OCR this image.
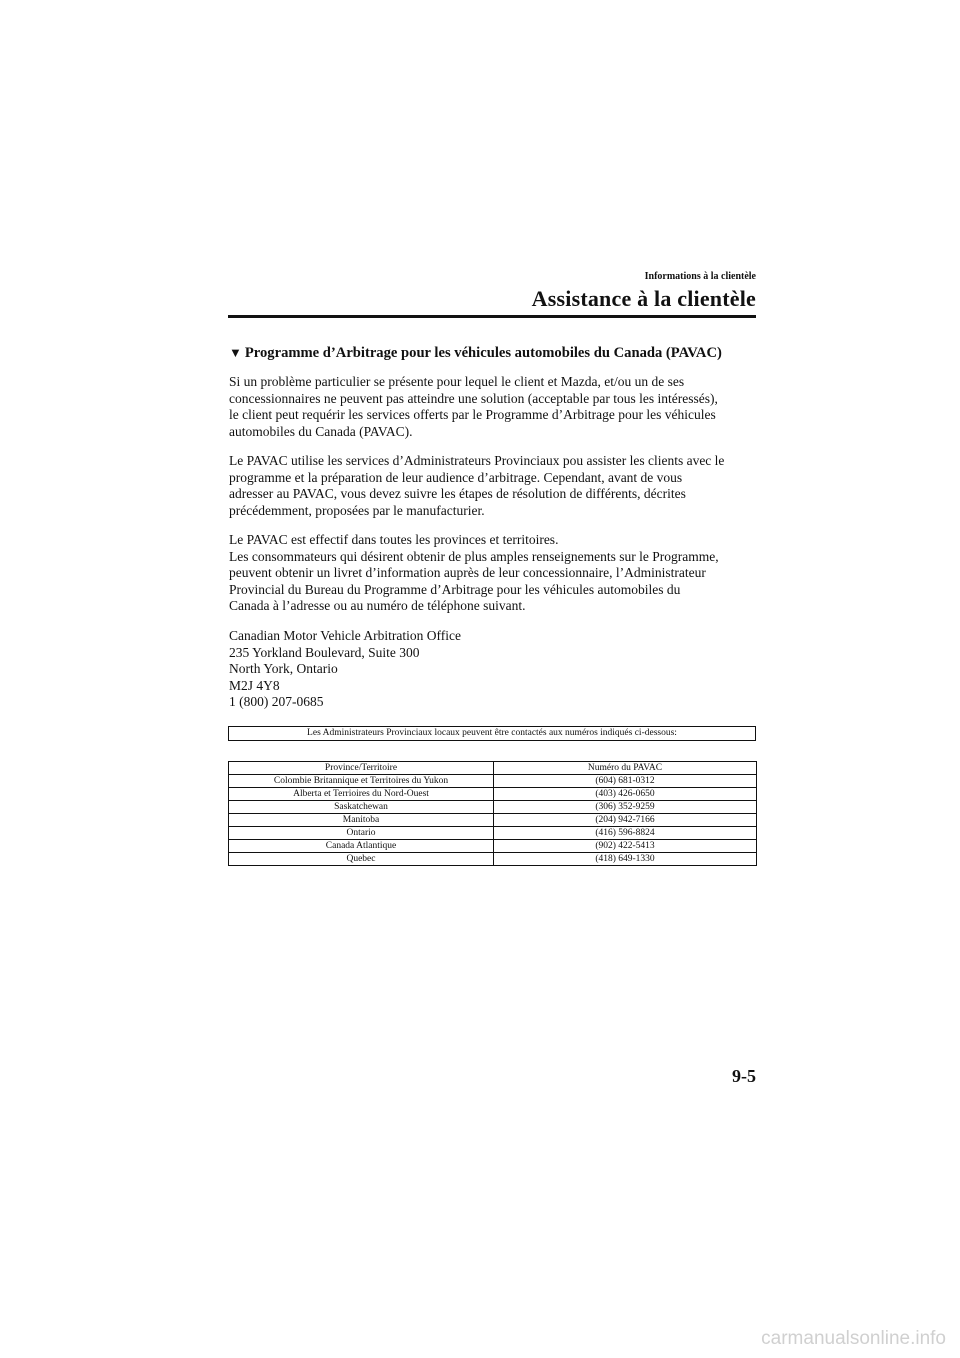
Informations à la clientèle
Assistance à la clientèle
▼ Programme d’Arbitrage pour les véhicules automobiles du Canada (PAVAC)

Si un problème particulier se présente pour lequel le client et Mazda, et/ou un de ses
concessionnaires ne peuvent pas atteindre une solution (acceptable par tous les intéressés),
le client peut requérir les services offerts par le Programme d’Arbitrage pour les véhicules
automobiles du Canada (PAVAC).

Le PAVAC utilise les services d’Administrateurs Provinciaux pou assister les clients avec le
programme et la préparation de leur audience d’arbitrage. Cependant, avant de vous
adresser au PAVAC, vous devez suivre les étapes de résolution de différents, décrites
précédemment, proposées par le manufacturier.

Le PAVAC est effectif dans toutes les provinces et territoires.
Les consommateurs qui désirent obtenir de plus amples renseignements sur le Programme,
peuvent obtenir un livret d’information auprès de leur concessionnaire, l’Administrateur
Provincial du Bureau du Programme d’Arbitrage pour les véhicules automobiles du
Canada à l’adresse ou au numéro de téléphone suivant.

Canadian Motor Vehicle Arbitration Office
235 Yorkland Boulevard, Suite 300
North York, Ontario
M2J 4Y8
1 (800) 207-0685

Les Administrateurs Provinciaux locaux peuvent être contactés aux numéros indiqués ci-dessous:
Province/Territoire	Numéro du PAVAC
Colombie Britannique et Territoires du Yukon	(604) 681-0312
Alberta et Terrioires du Nord-Ouest	(403) 426-0650
Saskatchewan	(306) 352-9259
Manitoba	(204) 942-7166
Ontario	(416) 596-8824
Canada Atlantique	(902) 422-5413
Quebec	(418) 649-1330
9-5
carmanualsonline.info
